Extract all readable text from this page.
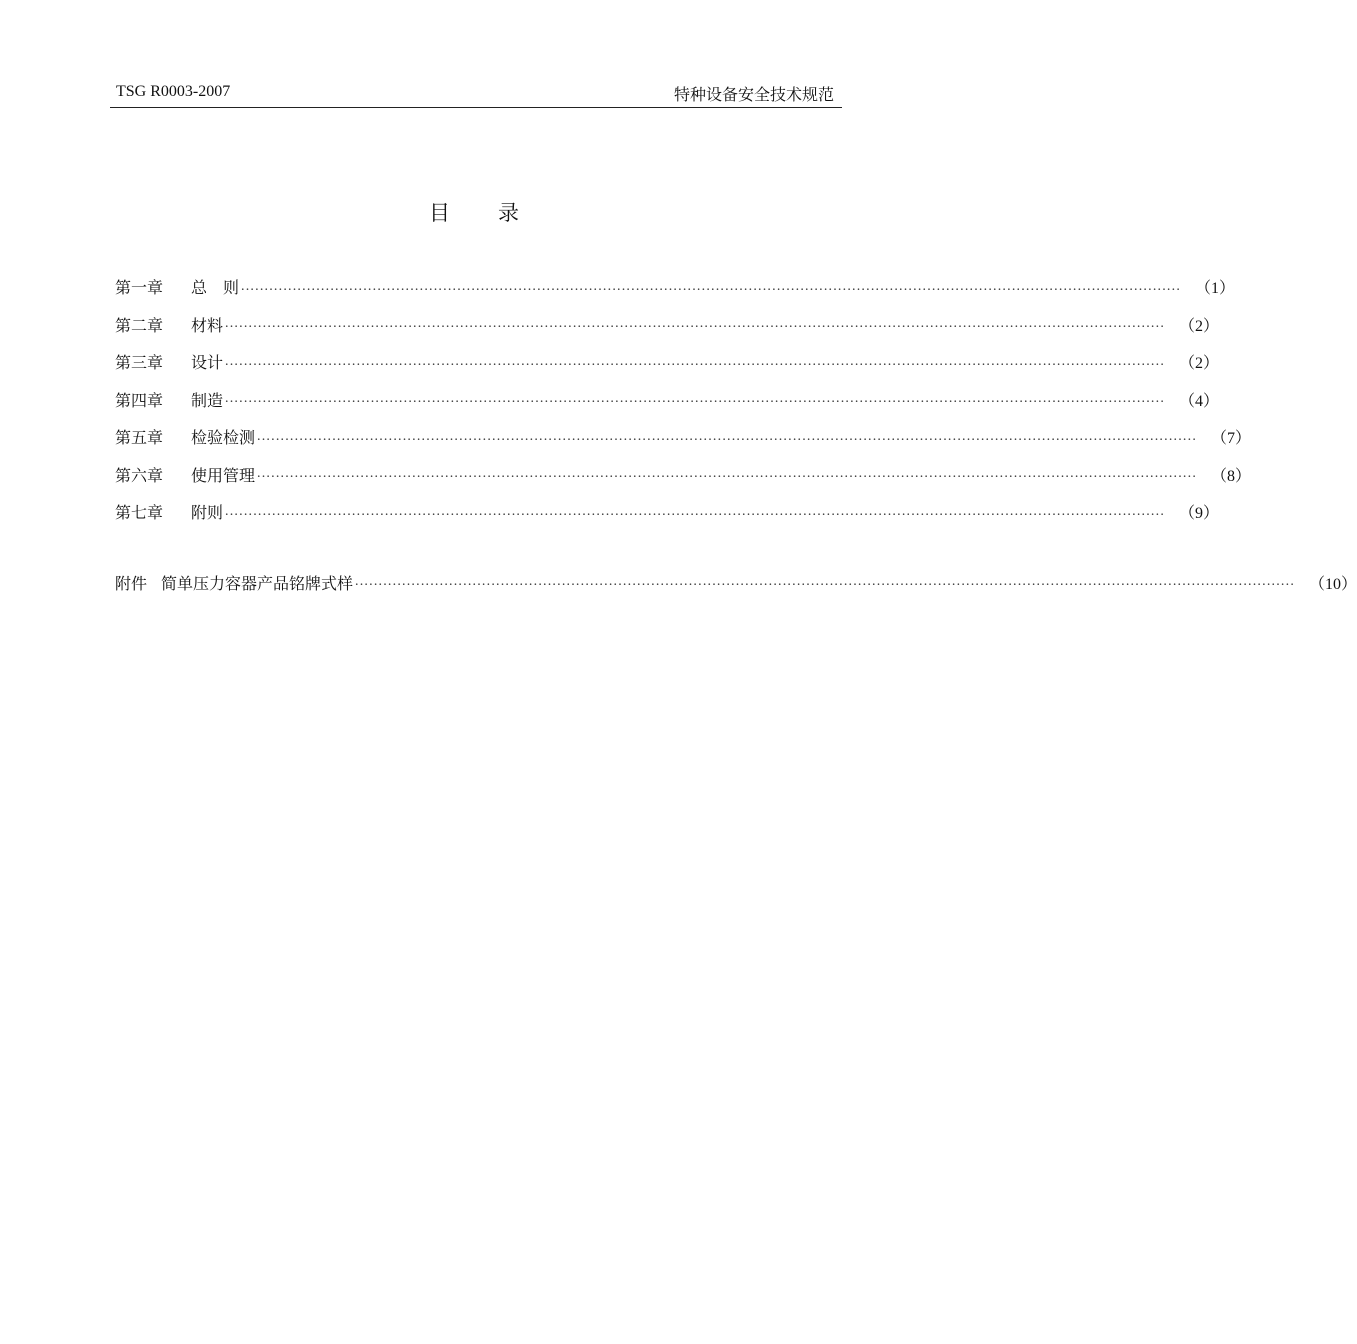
TSG R0003-2007	特种设备安全技术规范
目　　录
第一章	总　则 ........................................................................................................................................................................................................ （1）
第二章	材料 ........................................................................................................................................................................................................ （2）
第三章	设计 ........................................................................................................................................................................................................ （2）
第四章	制造 ........................................................................................................................................................................................................ （4）
第五章	检验检测 ........................................................................................................................................................................................................ （7）
第六章	使用管理 ........................................................................................................................................................................................................ （8）
第七章	附则 ........................................................................................................................................................................................................ （9）
附件 简单压力容器产品铭牌式样 ........................................................................................................................................................................................................ （10）
